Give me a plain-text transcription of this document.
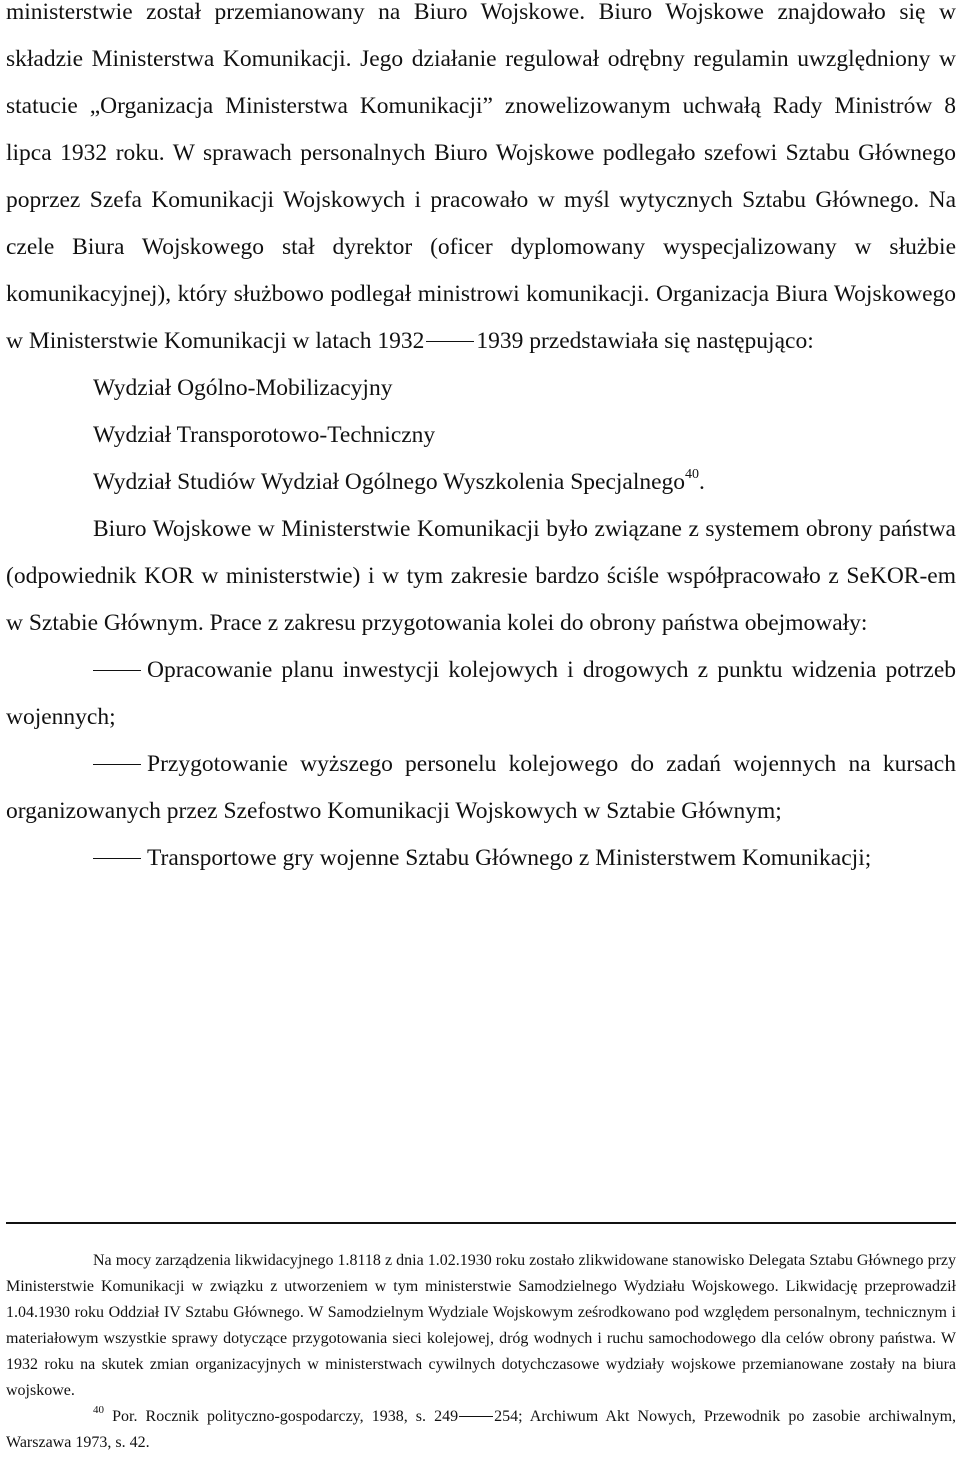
ministerstwie został przemianowany na Biuro Wojskowe. Biuro Wojskowe znajdowało się w składzie Ministerstwa Komunikacji. Jego działanie regulował odrębny regulamin uwzględniony w statucie „Organizacja Ministerstwa Komunikacji” znowelizowanym uchwałą Rady Ministrów 8 lipca 1932 roku. W sprawach personalnych Biuro Wojskowe podlegało szefowi Sztabu Głównego poprzez Szefa Komunikacji Wojskowych i pracowało w myśl wytycznych Sztabu Głównego. Na czele Biura Wojskowego stał dyrektor (oficer dyplomowany wyspecjalizowany w służbie komunikacyjnej), który służbowo podlegał ministrowi komunikacji. Organizacja Biura Wojskowego w Ministerstwie Komunikacji w latach 1932 1939 przedstawiała się następująco:

Wydział Ogólno-Mobilizacyjny

Wydział Transporotowo-Techniczny

Wydział Studiów Wydział Ogólnego Wyszkolenia Specjalnego$^{40}$.

Biuro Wojskowe w Ministerstwie Komunikacji było związane z systemem obrony państwa (odpowiednik KOR w ministerstwie) i w tym zakresie bardzo ściśle współpracowało z SeKOR-em w Sztabie Głównym. Prace z zakresu przygotowania kolei do obrony państwa obejmowały:

Opracowanie planu inwestycji kolejowych i drogowych z punktu widzenia potrzeb wojennych;

Przygotowanie wyższego personelu kolejowego do zadań wojennych na kursach organizowanych przez Szefostwo Komunikacji Wojskowych w Sztabie Głównym;

Transportowe gry wojenne Sztabu Głównego z Ministerstwem Komunikacji;

Na mocy zarządzenia likwidacyjnego 1.8118 z dnia 1.02.1930 roku zostało zlikwidowane stanowisko Delegata Sztabu Głównego przy Ministerstwie Komunikacji w związku z utworzeniem w tym ministerstwie Samodzielnego Wydziału Wojskowego. Likwidację przeprowadził 1.04.1930 roku Oddział IV Sztabu Głównego. W Samodzielnym Wydziale Wojskowym ześrodkowano pod względem personalnym, technicznym i materiałowym wszystkie sprawy dotyczące przygotowania sieci kolejowej, dróg wodnych i ruchu samochodowego dla celów obrony państwa. W 1932 roku na skutek zmian organizacyjnych w ministerstwach cywilnych dotychczasowe wydziały wojskowe przemianowane zostały na biura wojskowe.

$^{40}$ Por. Rocznik polityczno-gospodarczy, 1938, s. 249 254; Archiwum Akt Nowych, Przewodnik po zasobie archiwalnym, Warszawa 1973, s. 42.
